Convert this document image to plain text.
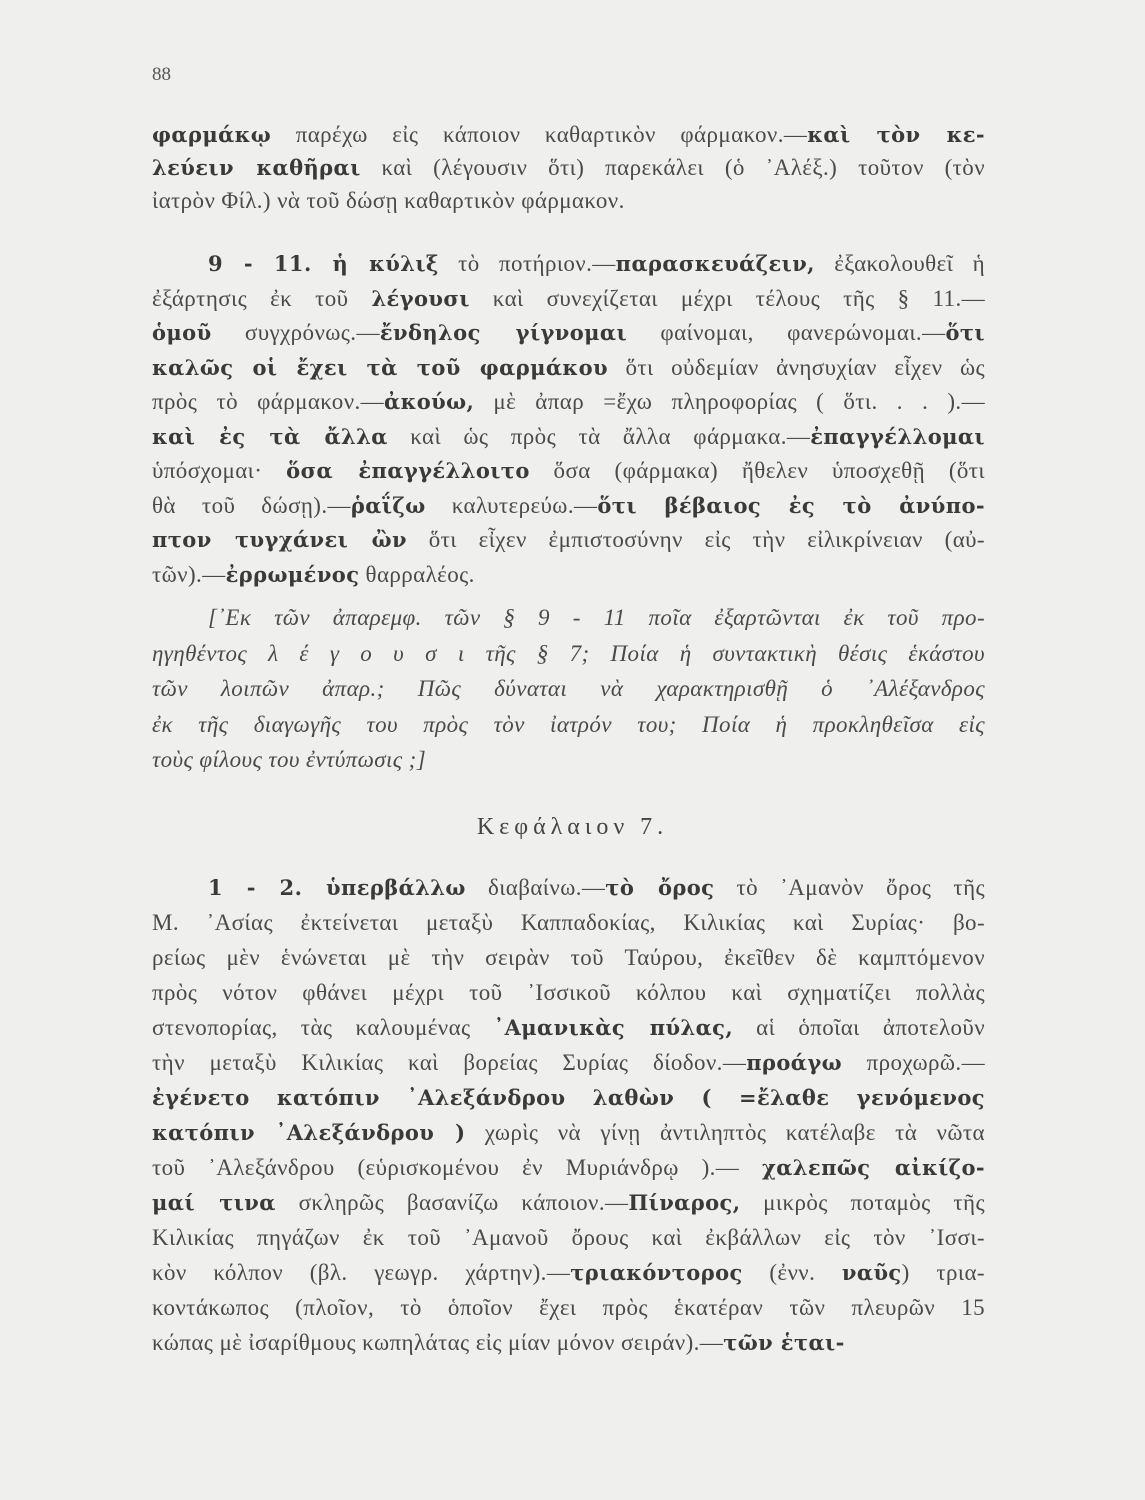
88
φαρμάκῳ παρέχω εἰς κάποιον καθαρτικὸν φάρμακον.—καὶ τὸν κε-
λεύειν καθῆραι καὶ (λέγουσιν ὅτι) παρεκάλει (ὁ ᾿Αλέξ.) τοῦτον (τὸν
ἰατρὸν Φίλ.) νὰ τοῦ δώσῃ καθαρτικὸν φάρμακον.
9 - 11. ἡ κύλιξ τὸ ποτήριον.—παρασκευάζειν, ἐξακολουθεῖ ἡ
ἐξάρτησις ἐκ τοῦ λέγουσι καὶ συνεχίζεται μέχρι τέλους τῆς § 11.—
ὁμοῦ συγχρόνως.—ἔνδηλος γίγνομαι φαίνομαι, φανερώνομαι.—ὅτι
καλῶς οἱ ἔχει τὰ τοῦ φαρμάκου ὅτι οὐδεμίαν ἀνησυχίαν εἶχεν ὡς
πρὸς τὸ φάρμακον.—ἀκούω, μὲ ἀπαρ =ἔχω πληροφορίας ( ὅτι. . . ).—
καὶ ἐς τὰ ἄλλα καὶ ὡς πρὸς τὰ ἄλλα φάρμακα.—ἐπαγγέλλομαι
ὑπόσχομαι· ὅσα ἐπαγγέλλοιτο ὅσα (φάρμακα) ἤθελεν ὑποσχεθῇ (ὅτι
θὰ τοῦ δώσῃ).—ῥαΐζω καλυτερεύω.—ὅτι βέβαιος ἐς τὸ ἀνύπο-
πτον τυγχάνει ὢν ὅτι εἶχεν ἐμπιστοσύνην εἰς τὴν εἰλικρίνειαν (αὐ-
τῶν).—ἐρρωμένος θαρραλέος.
[᾿Εκ τῶν ἀπαρεμφ. τῶν § 9 - 11 ποῖα ἐξαρτῶνται ἐκ τοῦ προ-
ηγηθέντος λ έ γ ο υ σ ι τῆς § 7; Ποία ἡ συντακτικὴ θέσις ἑκάστου
τῶν λοιπῶν ἀπαρ.; Πῶς δύναται νὰ χαρακτηρισθῇ ὁ ᾿Αλέξανδρος
ἐκ τῆς διαγωγῆς του πρὸς τὸν ἰατρόν του; Ποία ἡ προκληθεῖσα εἰς
τοὺς φίλους του ἐντύπωσις ;]
Κεφάλαιον 7.
1 - 2. ὑπερβάλλω διαβαίνω.—τὸ ὄρος τὸ ᾿Αμανὸν ὄρος τῆς
Μ. ᾿Ασίας ἐκτείνεται μεταξὺ Καππαδοκίας, Κιλικίας καὶ Συρίας· βο-
ρείως μὲν ἑνώνεται μὲ τὴν σειρὰν τοῦ Ταύρου, ἐκεῖθεν δὲ καμπτόμενον
πρὸς νότον φθάνει μέχρι τοῦ ᾿Ισσικοῦ κόλπου καὶ σχηματίζει πολλὰς
στενοπορίας, τὰς καλουμένας ᾿Αμανικὰς πύλας, αἱ ὁποῖαι ἀποτελοῦν
τὴν μεταξὺ Κιλικίας καὶ βορείας Συρίας δίοδον.—προάγω προχωρῶ.—
ἐγένετο κατόπιν ᾿Αλεξάνδρου λαθὼν ( =ἔλαθε γενόμενος
κατόπιν ᾿Αλεξάνδρου ) χωρὶς νὰ γίνῃ ἀντιληπτὸς κατέλαβε τὰ νῶτα
τοῦ ᾿Αλεξάνδρου (εὑρισκομένου ἐν Μυριάνδρῳ ).— χαλεπῶς αἰκίζο-
μαί τινα σκληρῶς βασανίζω κάποιον.—Πίναρος, μικρὸς ποταμὸς τῆς
Κιλικίας πηγάζων ἐκ τοῦ ᾿Αμανοῦ ὄρους καὶ ἐκβάλλων εἰς τὸν ᾿Ισσι-
κὸν κόλπον (βλ. γεωγρ. χάρτην).—τριακόντορος (ἐνν. ναῦς) τρια-
κοντάκωπος (πλοῖον, τὸ ὁποῖον ἔχει πρὸς ἑκατέραν τῶν πλευρῶν 15
κώπας μὲ ἰσαρίθμους κωπηλάτας εἰς μίαν μόνον σειράν).—τῶν ἑται-
